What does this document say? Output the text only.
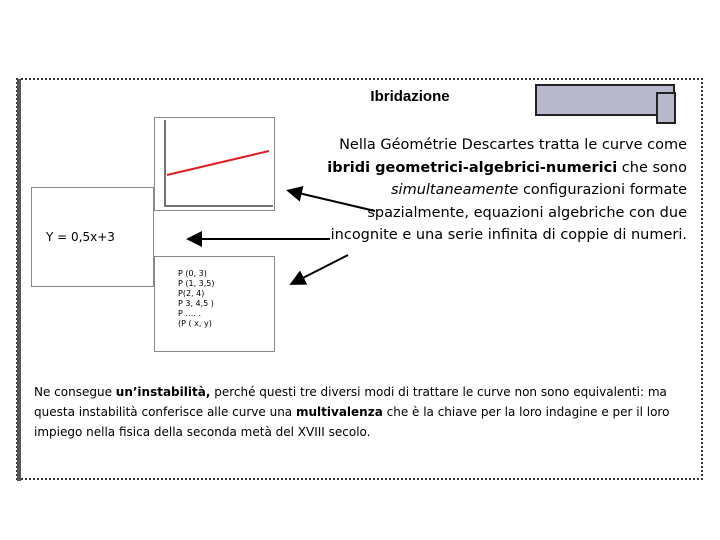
Ibridazione
Y = 0,5x+3
P (0, 3)
P (1, 3,5)
P(2, 4)
P 3, 4,5 )
P …. .
(P ( x, y)
Nella Géométrie Descartes tratta le curve come ibridi geometrici-algebrici-numerici che sono simultaneamente configurazioni formate spazialmente, equazioni algebriche con due incognite e una serie infinita di coppie di numeri.
Ne consegue un’instabilità, perché questi tre diversi modi di trattare le curve non sono equivalenti: ma questa instabilità conferisce alle curve una multivalenza che è la chiave per la loro indagine e per il loro impiego nella fisica della seconda metà del XVIII secolo.
